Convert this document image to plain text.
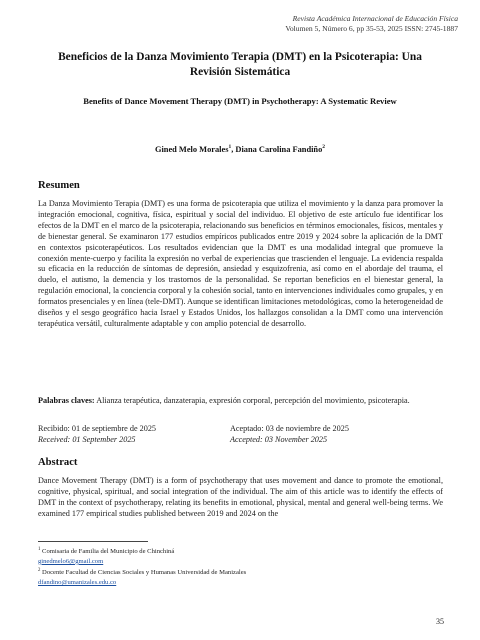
Revista Académica Internacional de Educación Física
Volumen 5, Número 6, pp 35-53, 2025 ISSN: 2745-1887
Beneficios de la Danza Movimiento Terapia (DMT) en la Psicoterapia: Una Revisión Sistemática
Benefits of Dance Movement Therapy (DMT) in Psychotherapy: A Systematic Review
Gined Melo Morales$^1$, Diana Carolina Fandiño$^2$
Resumen

La Danza Movimiento Terapia (DMT) es una forma de psicoterapia que utiliza el movimiento y la danza para promover la integración emocional, cognitiva, física, espiritual y social del individuo. El objetivo de este artículo fue identificar los efectos de la DMT en el marco de la psicoterapia, relacionando sus beneficios en términos emocionales, físicos, mentales y de bienestar general. Se examinaron 177 estudios empíricos publicados entre 2019 y 2024 sobre la aplicación de la DMT en contextos psicoterapéuticos. Los resultados evidencian que la DMT es una modalidad integral que promueve la conexión mente-cuerpo y facilita la expresión no verbal de experiencias que trascienden el lenguaje. La evidencia respalda su eficacia en la reducción de síntomas de depresión, ansiedad y esquizofrenia, así como en el abordaje del trauma, el duelo, el autismo, la demencia y los trastornos de la personalidad. Se reportan beneficios en el bienestar general, la regulación emocional, la conciencia corporal y la cohesión social, tanto en intervenciones individuales como grupales, y en formatos presenciales y en línea (tele-DMT). Aunque se identifican limitaciones metodológicas, como la heterogeneidad de diseños y el sesgo geográfico hacia Israel y Estados Unidos, los hallazgos consolidan a la DMT como una intervención terapéutica versátil, culturalmente adaptable y con amplio potencial de desarrollo.

Palabras claves: Alianza terapéutica, danzaterapia, expresión corporal, percepción del movimiento, psicoterapia.

Recibido: 01 de septiembre de 2025
Received: 01 September 2025
Aceptado: 03 de noviembre de 2025
Accepted: 03 November 2025
Abstract

Dance Movement Therapy (DMT) is a form of psychotherapy that uses movement and dance to promote the emotional, cognitive, physical, spiritual, and social integration of the individual. The aim of this article was to identify the effects of DMT in the context of psychotherapy, relating its benefits in emotional, physical, mental and general well-being terms. We examined 177 empirical studies published between 2019 and 2024 on the

$^1$ Comisaria de Familia del Municipio de Chinchiná
ginedmelo6@gmail.com
$^2$ Docente Facultad de Ciencias Sociales y Humanas Universidad de Manizales
dfandino@umanizales.edu.co
35
